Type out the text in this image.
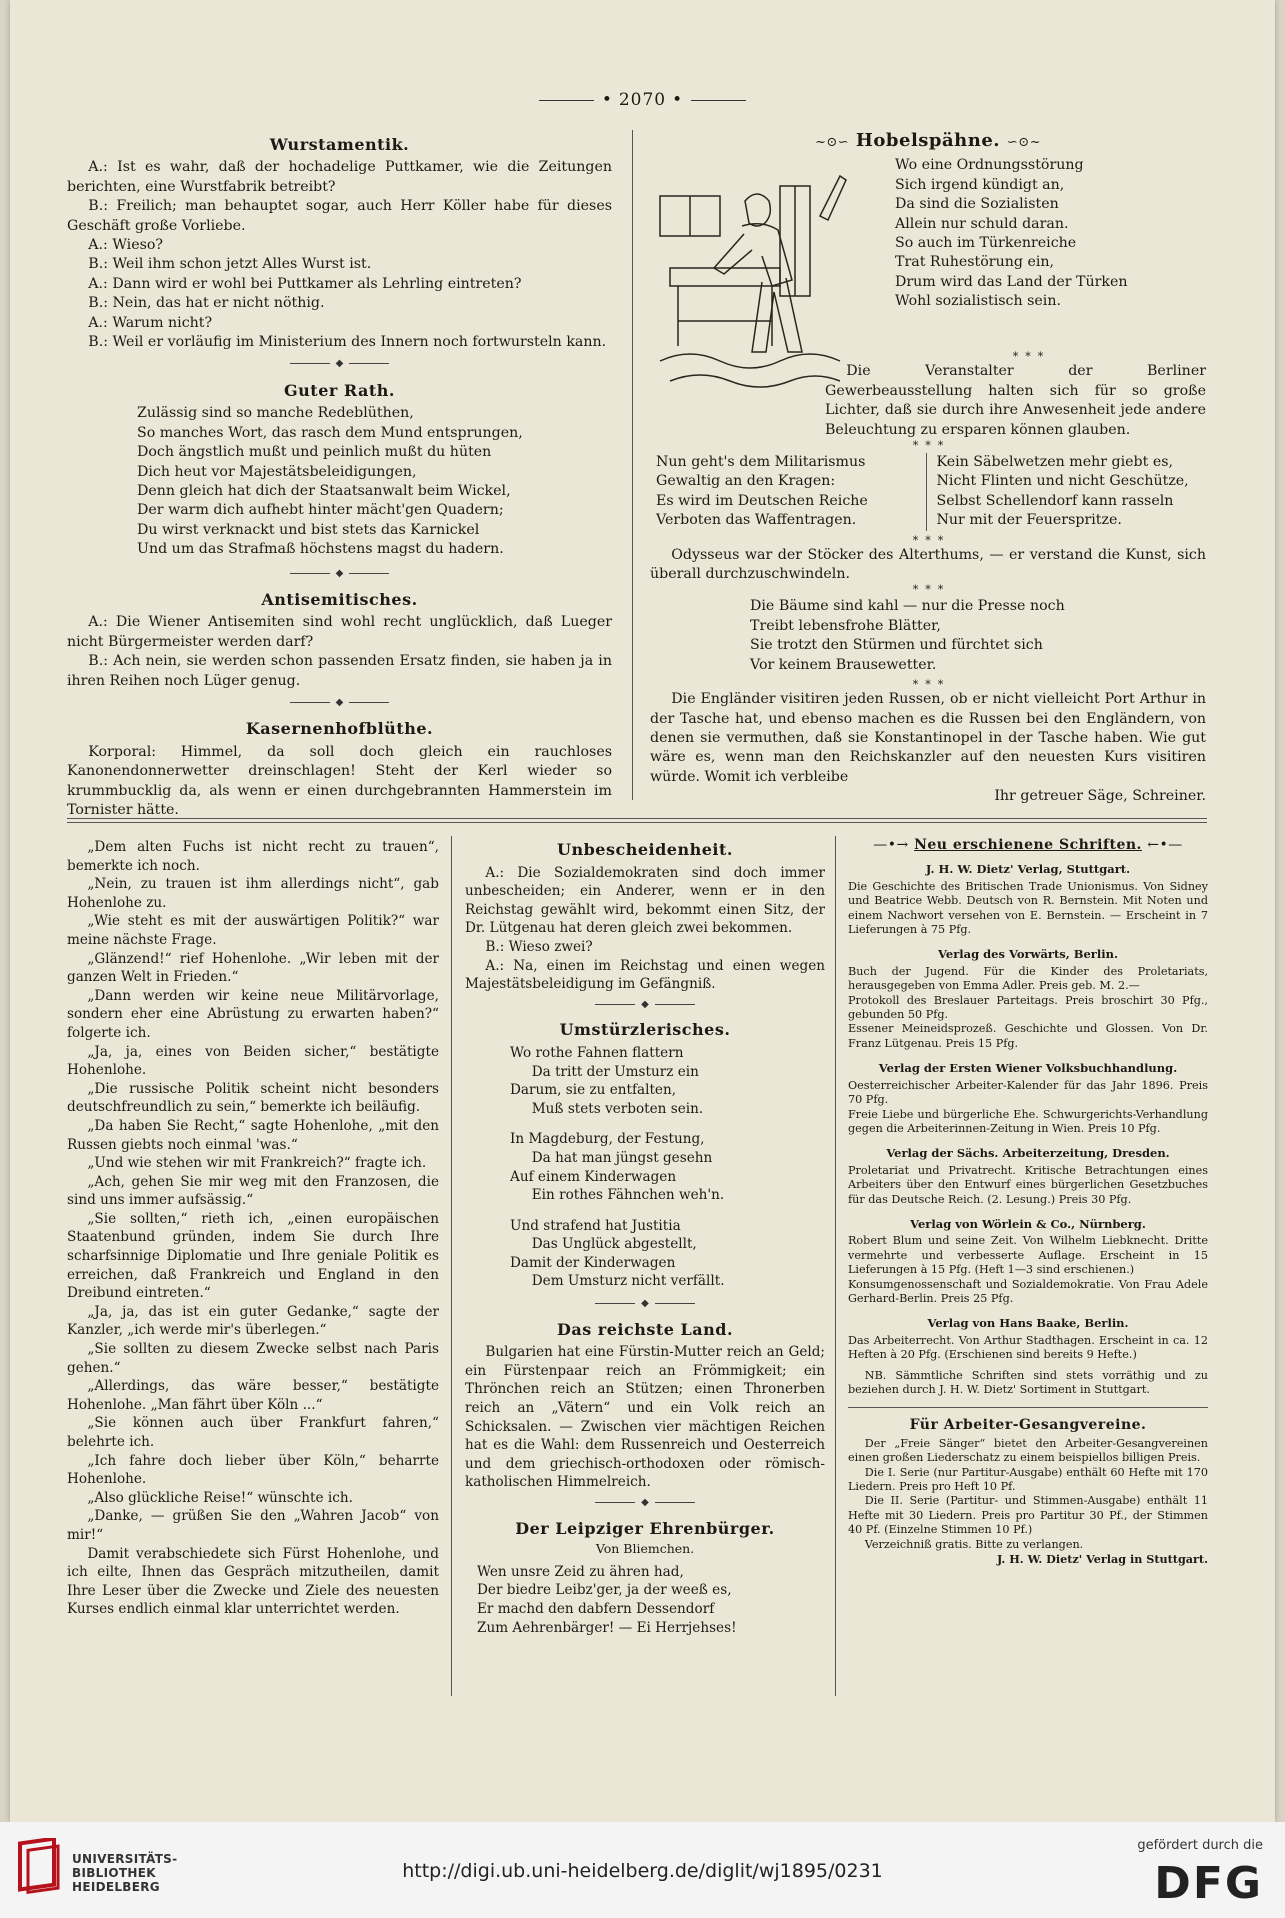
• 2070 •
Wurstamentik.

A.: Ist es wahr, daß der hochadelige Puttkamer, wie die Zeitungen berichten, eine Wurstfabrik betreibt?

B.: Freilich; man behauptet sogar, auch Herr Köller habe für dieses Geschäft große Vorliebe.

A.: Wieso?

B.: Weil ihm schon jetzt Alles Wurst ist.

A.: Dann wird er wohl bei Puttkamer als Lehrling eintreten?

B.: Nein, das hat er nicht nöthig.

A.: Warum nicht?

B.: Weil er vorläufig im Ministerium des Innern noch fortwursteln kann.

◆
Guter Rath.
Zulässig sind so manche Redeblüthen,
So manches Wort, das rasch dem Mund entsprungen,
Doch ängstlich mußt und peinlich mußt du hüten
Dich heut vor Majestätsbeleidigungen,
Denn gleich hat dich der Staatsanwalt beim Wickel,
Der warm dich aufhebt hinter mächt'gen Quadern;
Du wirst verknackt und bist stets das Karnickel
Und um das Strafmaß höchstens magst du hadern.
◆
Antisemitisches.

A.: Die Wiener Antisemiten sind wohl recht unglücklich, daß Lueger nicht Bürgermeister werden darf?

B.: Ach nein, sie werden schon passenden Ersatz finden, sie haben ja in ihren Reihen noch Lüger genug.

◆
Kasernenhofblüthe.

Korporal: Himmel, da soll doch gleich ein rauchloses Kanonendonnerwetter dreinschlagen! Steht der Kerl wieder so krummbucklig da, als wenn er einen durchgebrannten Hammerstein im Tornister hätte.

~⊙∽ Hobelspähne. ∽⊙~
Wo eine Ordnungsstörung
Sich irgend kündigt an,
Da sind die Sozialisten
Allein nur schuld daran.
So auch im Türkenreiche
Trat Ruhestörung ein,
Drum wird das Land der Türken
Wohl sozialistisch sein.
*  *  *

Die Veranstalter der Berliner Gewerbeausstellung halten sich für so große Lichter, daß sie durch ihre Anwesenheit jede andere Beleuchtung zu ersparen können glauben.

*  *  *
Nun geht's dem Militarismus
Gewaltig an den Kragen:
Es wird im Deutschen Reiche
Verboten das Waffentragen.
Kein Säbelwetzen mehr giebt es,
Nicht Flinten und nicht Geschütze,
Selbst Schellendorf kann rasseln
Nur mit der Feuerspritze.
*  *  *

Odysseus war der Stöcker des Alterthums, — er verstand die Kunst, sich überall durchzuschwindeln.

*  *  *
Die Bäume sind kahl — nur die Presse noch
Treibt lebensfrohe Blätter,
Sie trotzt den Stürmen und fürchtet sich
Vor keinem Brausewetter.
*  *  *

Die Engländer visitiren jeden Russen, ob er nicht vielleicht Port Arthur in der Tasche hat, und ebenso machen es die Russen bei den Engländern, von denen sie vermuthen, daß sie Konstantinopel in der Tasche haben. Wie gut wäre es, wenn man den Reichskanzler auf den neuesten Kurs visitiren würde. Womit ich verbleibe

Ihr getreuer Säge, Schreiner.

„Dem alten Fuchs ist nicht recht zu trauen“, bemerkte ich noch.

„Nein, zu trauen ist ihm allerdings nicht“, gab Hohenlohe zu.

„Wie steht es mit der auswärtigen Politik?“ war meine nächste Frage.

„Glänzend!“ rief Hohenlohe. „Wir leben mit der ganzen Welt in Frieden.“

„Dann werden wir keine neue Militärvorlage, sondern eher eine Abrüstung zu erwarten haben?“ folgerte ich.

„Ja, ja, eines von Beiden sicher,“ bestätigte Hohenlohe.

„Die russische Politik scheint nicht besonders deutschfreundlich zu sein,“ bemerkte ich beiläufig.

„Da haben Sie Recht,“ sagte Hohenlohe, „mit den Russen giebts noch einmal 'was.“

„Und wie stehen wir mit Frankreich?“ fragte ich.

„Ach, gehen Sie mir weg mit den Franzosen, die sind uns immer aufsässig.“

„Sie sollten,“ rieth ich, „einen europäischen Staatenbund gründen, indem Sie durch Ihre scharfsinnige Diplomatie und Ihre geniale Politik es erreichen, daß Frankreich und England in den Dreibund eintreten.“

„Ja, ja, das ist ein guter Gedanke,“ sagte der Kanzler, „ich werde mir's überlegen.“

„Sie sollten zu diesem Zwecke selbst nach Paris gehen.“

„Allerdings, das wäre besser,“ bestätigte Hohenlohe. „Man fährt über Köln ...“

„Sie können auch über Frankfurt fahren,“ belehrte ich.

„Ich fahre doch lieber über Köln,“ beharrte Hohenlohe.

„Also glückliche Reise!“ wünschte ich.

„Danke, — grüßen Sie den „Wahren Jacob“ von mir!“

Damit verabschiedete sich Fürst Hohenlohe, und ich eilte, Ihnen das Gespräch mitzutheilen, damit Ihre Leser über die Zwecke und Ziele des neuesten Kurses endlich einmal klar unterrichtet werden.

Unbescheidenheit.

A.: Die Sozialdemokraten sind doch immer unbescheiden; ein Anderer, wenn er in den Reichstag gewählt wird, bekommt einen Sitz, der Dr. Lütgenau hat deren gleich zwei bekommen.

B.: Wieso zwei?

A.: Na, einen im Reichstag und einen wegen Majestätsbeleidigung im Gefängniß.

◆
Umstürzlerisches.
Wo rothe Fahnen flattern
Da tritt der Umsturz ein
Darum, sie zu entfalten,
Muß stets verboten sein.
In Magdeburg, der Festung,
Da hat man jüngst gesehn
Auf einem Kinderwagen
Ein rothes Fähnchen weh'n.
Und strafend hat Justitia
Das Unglück abgestellt,
Damit der Kinderwagen
Dem Umsturz nicht verfällt.
◆
Das reichste Land.

Bulgarien hat eine Fürstin-Mutter reich an Geld; ein Fürstenpaar reich an Frömmigkeit; ein Thrönchen reich an Stützen; einen Thronerben reich an „Vätern“ und ein Volk reich an Schicksalen. — Zwischen vier mächtigen Reichen hat es die Wahl: dem Russenreich und Oesterreich und dem griechisch-orthodoxen oder römisch-katholischen Himmelreich.

◆
Der Leipziger Ehrenbürger.
Von Bliemchen.
Wen unsre Zeid zu ähren had,
Der biedre Leibz'ger, ja der weeß es,
Er machd den dabfern Dessendorf
Zum Aehrenbärger! — Ei Herrjehses!
—•→ Neu erschienene Schriften. ←•—
J. H. W. Dietz' Verlag, Stuttgart.

Die Geschichte des Britischen Trade Unionismus. Von Sidney und Beatrice Webb. Deutsch von R. Bernstein. Mit Noten und einem Nachwort versehen von E. Bernstein. — Erscheint in 7 Lieferungen à 75 Pfg.

Verlag des Vorwärts, Berlin.

Buch der Jugend. Für die Kinder des Proletariats, herausgegeben von Emma Adler. Preis geb. M. 2.—

Protokoll des Breslauer Parteitags. Preis broschirt 30 Pfg., gebunden 50 Pfg.

Essener Meineidsprozeß. Geschichte und Glossen. Von Dr. Franz Lütgenau. Preis 15 Pfg.

Verlag der Ersten Wiener Volksbuchhandlung.

Oesterreichischer Arbeiter-Kalender für das Jahr 1896. Preis 70 Pfg.

Freie Liebe und bürgerliche Ehe. Schwurgerichts-Verhandlung gegen die Arbeiterinnen-Zeitung in Wien. Preis 10 Pfg.

Verlag der Sächs. Arbeiterzeitung, Dresden.

Proletariat und Privatrecht. Kritische Betrachtungen eines Arbeiters über den Entwurf eines bürgerlichen Gesetzbuches für das Deutsche Reich. (2. Lesung.) Preis 30 Pfg.

Verlag von Wörlein & Co., Nürnberg.

Robert Blum und seine Zeit. Von Wilhelm Liebknecht. Dritte vermehrte und verbesserte Auflage. Erscheint in 15 Lieferungen à 15 Pfg. (Heft 1—3 sind erschienen.)

Konsumgenossenschaft und Sozialdemokratie. Von Frau Adele Gerhard-Berlin. Preis 25 Pfg.

Verlag von Hans Baake, Berlin.

Das Arbeiterrecht. Von Arthur Stadthagen. Erscheint in ca. 12 Heften à 20 Pfg. (Erschienen sind bereits 9 Hefte.)

NB. Sämmtliche Schriften sind stets vorräthig und zu beziehen durch J. H. W. Dietz' Sortiment in Stuttgart.

Für Arbeiter-Gesangvereine.

Der „Freie Sänger“ bietet den Arbeiter-Gesangvereinen einen großen Liederschatz zu einem beispiellos billigen Preis.

Die I. Serie (nur Partitur-Ausgabe) enthält 60 Hefte mit 170 Liedern. Preis pro Heft 10 Pf.

Die II. Serie (Partitur- und Stimmen-Ausgabe) enthält 11 Hefte mit 30 Liedern. Preis pro Partitur 30 Pf., der Stimmen 40 Pf. (Einzelne Stimmen 10 Pf.)

Verzeichniß gratis. Bitte zu verlangen.

J. H. W. Dietz' Verlag in Stuttgart.

UNIVERSITÄTS-
BIBLIOTHEK
HEIDELBERG
http://digi.ub.uni-heidelberg.de/diglit/wj1895/0231
gefördert durch die
DFG
